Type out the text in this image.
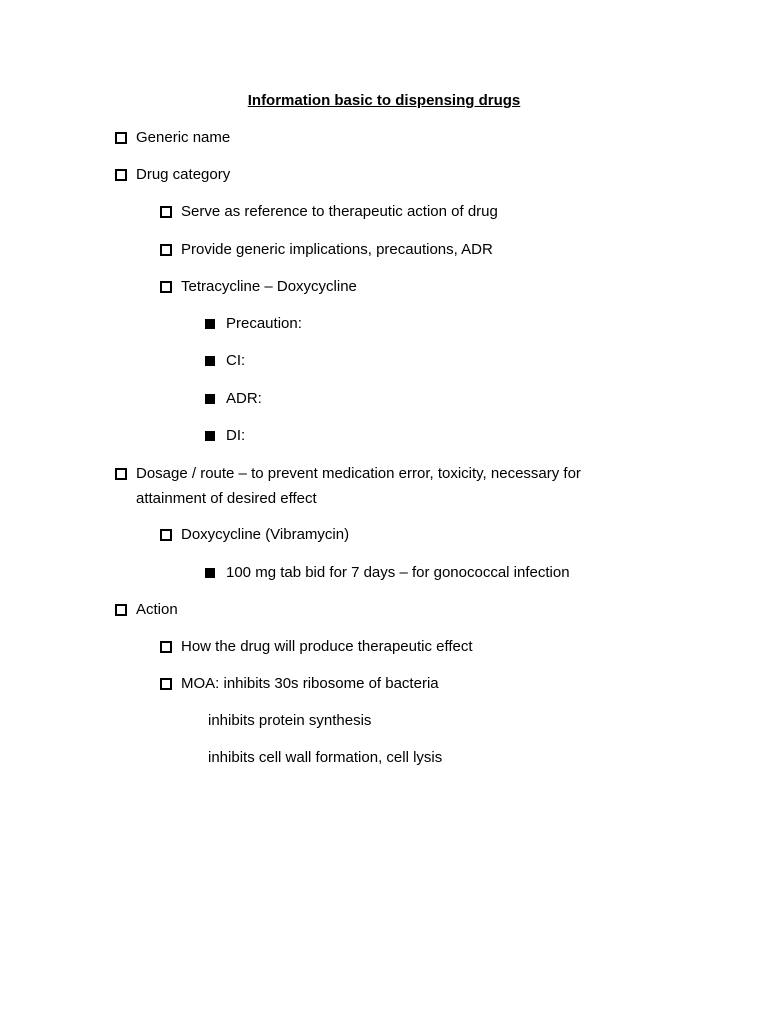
Information basic to dispensing drugs
Generic name
Drug category
Serve as reference to therapeutic action of drug
Provide generic implications, precautions, ADR
Tetracycline – Doxycycline
Precaution:
CI:
ADR:
DI:
Dosage / route – to prevent medication error, toxicity, necessary for attainment of desired effect
Doxycycline (Vibramycin)
100 mg tab bid for 7 days – for gonococcal infection
Action
How the drug will produce therapeutic effect
MOA: inhibits 30s ribosome of bacteria
inhibits protein synthesis
inhibits cell wall formation, cell lysis
